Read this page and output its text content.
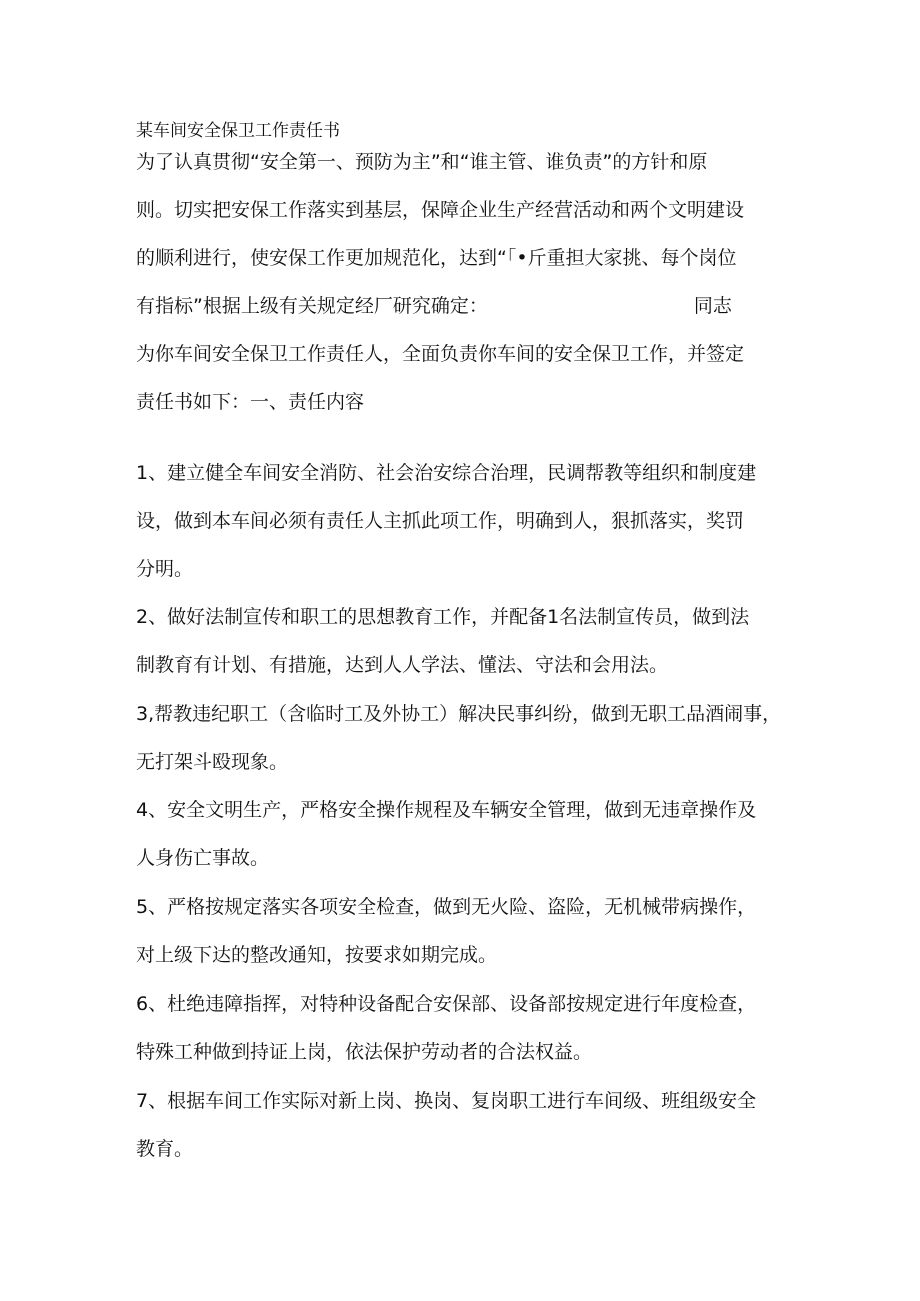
某车间安全保卫工作责任书
为了认真贯彻“安全第一、预防为主”和“谁主管、谁负责”的方针和原
则。切实把安保工作落实到基层，保障企业生产经营活动和两个文明建设
的顺利进行，使安保工作更加规范化，达到“「•斤重担大家挑、每个岗位
有指标”根据上级有关规定经厂研究确定：	同志
为你车间安全保卫工作责任人，全面负责你车间的安全保卫工作，并签定
责任书如下：一、责任内容
1、建立健全车间安全消防、社会治安综合治理，民调帮教等组织和制度建
设，做到本车间必须有责任人主抓此项工作，明确到人，狠抓落实，奖罚
分明。
2、做好法制宣传和职工的思想教育工作，并配备1名法制宣传员，做到法
制教育有计划、有措施，达到人人学法、懂法、守法和会用法。
3,帮教违纪职工（含临时工及外协工）解决民事纠纷，做到无职工品酒闹事，
无打架斗殴现象。
4、安全文明生产，严格安全操作规程及车辆安全管理，做到无违章操作及
人身伤亡事故。
5、严格按规定落实各项安全检查，做到无火险、盗险，无机械带病操作，
对上级下达的整改通知，按要求如期完成。
6、杜绝违障指挥，对特种设备配合安保部、设备部按规定进行年度检查，
特殊工种做到持证上岗，依法保护劳动者的合法权益。
7、根据车间工作实际对新上岗、换岗、复岗职工进行车间级、班组级安全
教育。
